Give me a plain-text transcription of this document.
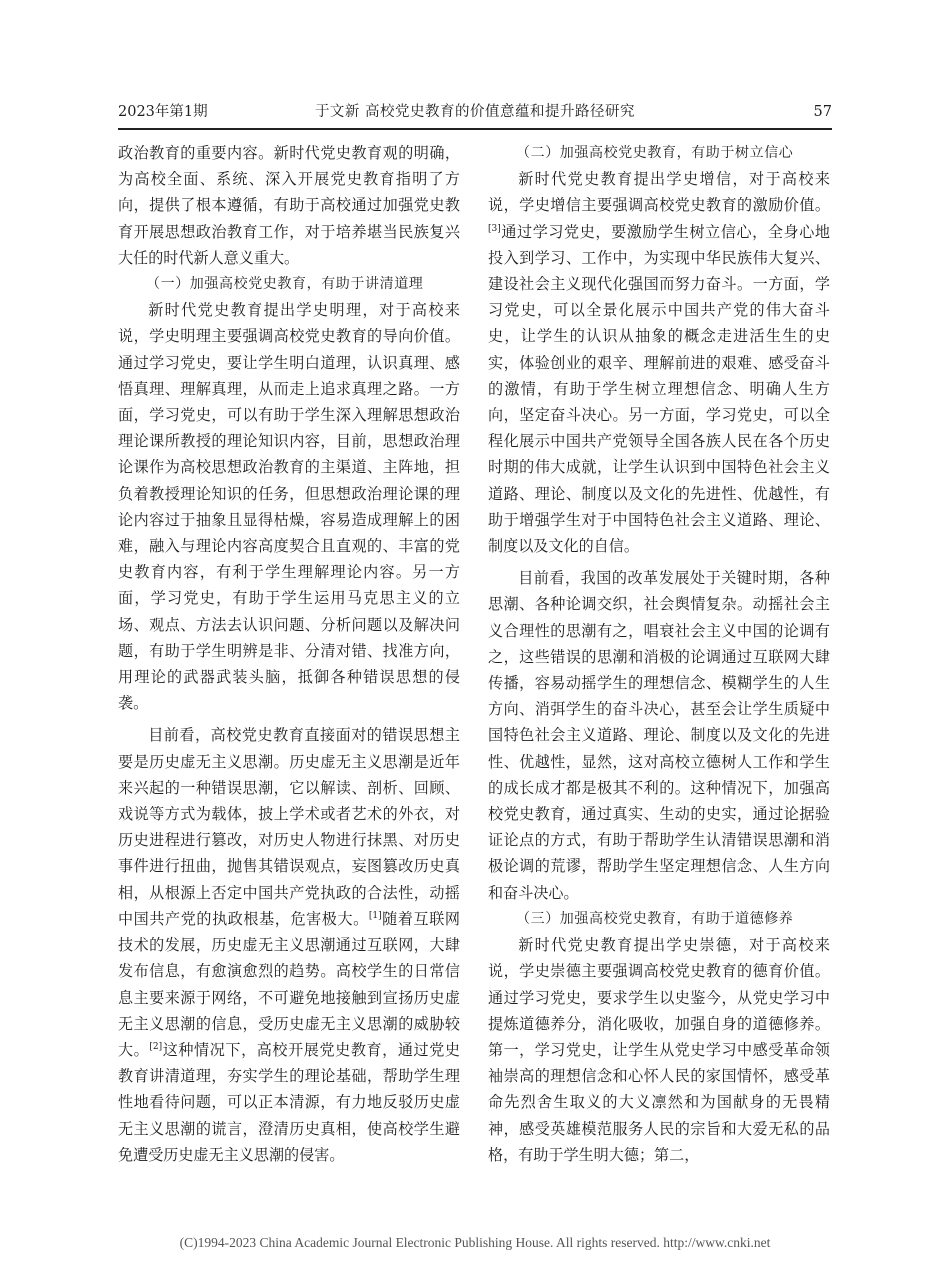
2023年第1期	于文新 高校党史教育的价值意蕴和提升路径研究	57

政治教育的重要内容。新时代党史教育观的明确，为高校全面、系统、深入开展党史教育指明了方向，提供了根本遵循，有助于高校通过加强党史教育开展思想政治教育工作，对于培养堪当民族复兴大任的时代新人意义重大。

（一）加强高校党史教育，有助于讲清道理

新时代党史教育提出学史明理，对于高校来说，学史明理主要强调高校党史教育的导向价值。通过学习党史，要让学生明白道理，认识真理、感悟真理、理解真理，从而走上追求真理之路。一方面，学习党史，可以有助于学生深入理解思想政治理论课所教授的理论知识内容，目前，思想政治理论课作为高校思想政治教育的主渠道、主阵地，担负着教授理论知识的任务，但思想政治理论课的理论内容过于抽象且显得枯燥，容易造成理解上的困难，融入与理论内容高度契合且直观的、丰富的党史教育内容，有利于学生理解理论内容。另一方面，学习党史，有助于学生运用马克思主义的立场、观点、方法去认识问题、分析问题以及解决问题，有助于学生明辨是非、分清对错、找准方向，用理论的武器武装头脑，抵御各种错误思想的侵袭。

目前看，高校党史教育直接面对的错误思想主要是历史虚无主义思潮。历史虚无主义思潮是近年来兴起的一种错误思潮，它以解读、剖析、回顾、戏说等方式为载体，披上学术或者艺术的外衣，对历史进程进行篡改，对历史人物进行抹黑、对历史事件进行扭曲，抛售其错误观点，妄图篡改历史真相，从根源上否定中国共产党执政的合法性，动摇中国共产党的执政根基，危害极大。[1]随着互联网技术的发展，历史虚无主义思潮通过互联网，大肆发布信息，有愈演愈烈的趋势。高校学生的日常信息主要来源于网络，不可避免地接触到宣扬历史虚无主义思潮的信息，受历史虚无主义思潮的威胁较大。[2]这种情况下，高校开展党史教育，通过党史教育讲清道理，夯实学生的理论基础，帮助学生理性地看待问题，可以正本清源，有力地反驳历史虚无主义思潮的谎言，澄清历史真相，使高校学生避免遭受历史虚无主义思潮的侵害。

（二）加强高校党史教育，有助于树立信心

新时代党史教育提出学史增信，对于高校来说，学史增信主要强调高校党史教育的激励价值。[3]通过学习党史，要激励学生树立信心，全身心地投入到学习、工作中，为实现中华民族伟大复兴、建设社会主义现代化强国而努力奋斗。一方面，学习党史，可以全景化展示中国共产党的伟大奋斗史，让学生的认识从抽象的概念走进活生生的史实，体验创业的艰辛、理解前进的艰难、感受奋斗的激情，有助于学生树立理想信念、明确人生方向，坚定奋斗决心。另一方面，学习党史，可以全程化展示中国共产党领导全国各族人民在各个历史时期的伟大成就，让学生认识到中国特色社会主义道路、理论、制度以及文化的先进性、优越性，有助于增强学生对于中国特色社会主义道路、理论、制度以及文化的自信。

目前看，我国的改革发展处于关键时期，各种思潮、各种论调交织，社会舆情复杂。动摇社会主义合理性的思潮有之，唱衰社会主义中国的论调有之，这些错误的思潮和消极的论调通过互联网大肆传播，容易动摇学生的理想信念、模糊学生的人生方向、消弭学生的奋斗决心，甚至会让学生质疑中国特色社会主义道路、理论、制度以及文化的先进性、优越性，显然，这对高校立德树人工作和学生的成长成才都是极其不利的。这种情况下，加强高校党史教育，通过真实、生动的史实，通过论据验证论点的方式，有助于帮助学生认清错误思潮和消极论调的荒谬，帮助学生坚定理想信念、人生方向和奋斗决心。

（三）加强高校党史教育，有助于道德修养

新时代党史教育提出学史崇德，对于高校来说，学史崇德主要强调高校党史教育的德育价值。通过学习党史，要求学生以史鉴今，从党史学习中提炼道德养分，消化吸收，加强自身的道德修养。第一，学习党史，让学生从党史学习中感受革命领袖崇高的理想信念和心怀人民的家国情怀，感受革命先烈舍生取义的大义凛然和为国献身的无畏精神，感受英雄模范服务人民的宗旨和大爱无私的品格，有助于学生明大德；第二，

(C)1994-2023 China Academic Journal Electronic Publishing House. All rights reserved. http://www.cnki.net
